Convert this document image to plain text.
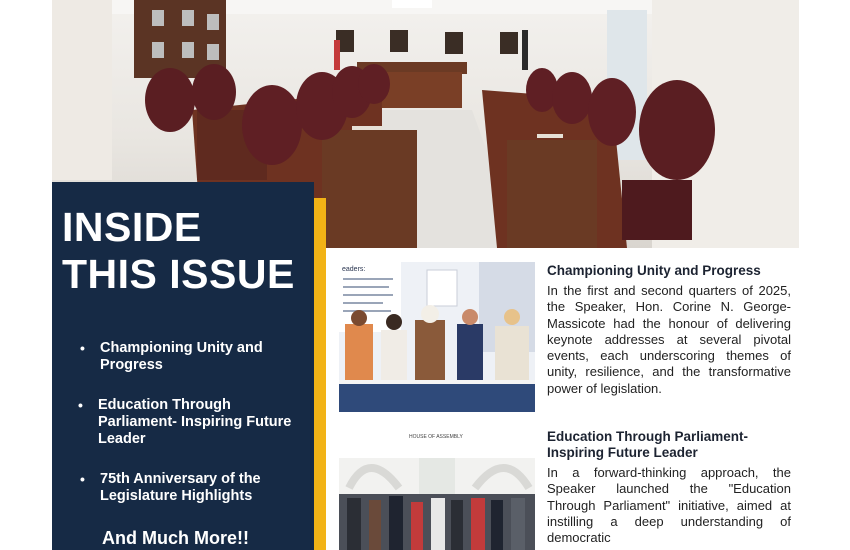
INSIDE
THIS ISSUE
• Championing Unity and Progress
• Education Through Parliament- Inspiring Future Leader
• 75th Anniversary of the Legislature Highlights
And Much More!!
eaders:	Championing Unity and Progress

In the first and second quarters of 2025, the Speaker, Hon. Corine N. George-Massicote had the honour of delivering keynote addresses at several pivotal events, each underscoring themes of unity, resilience, and the transformative power of legislation.

HOUSE OF ASSEMBLY	Education Through Parliament- Inspiring Future Leader

In a forward-thinking approach, the Speaker launched the "Education Through Parliament" initiative, aimed at instilling a deep understanding of democratic
